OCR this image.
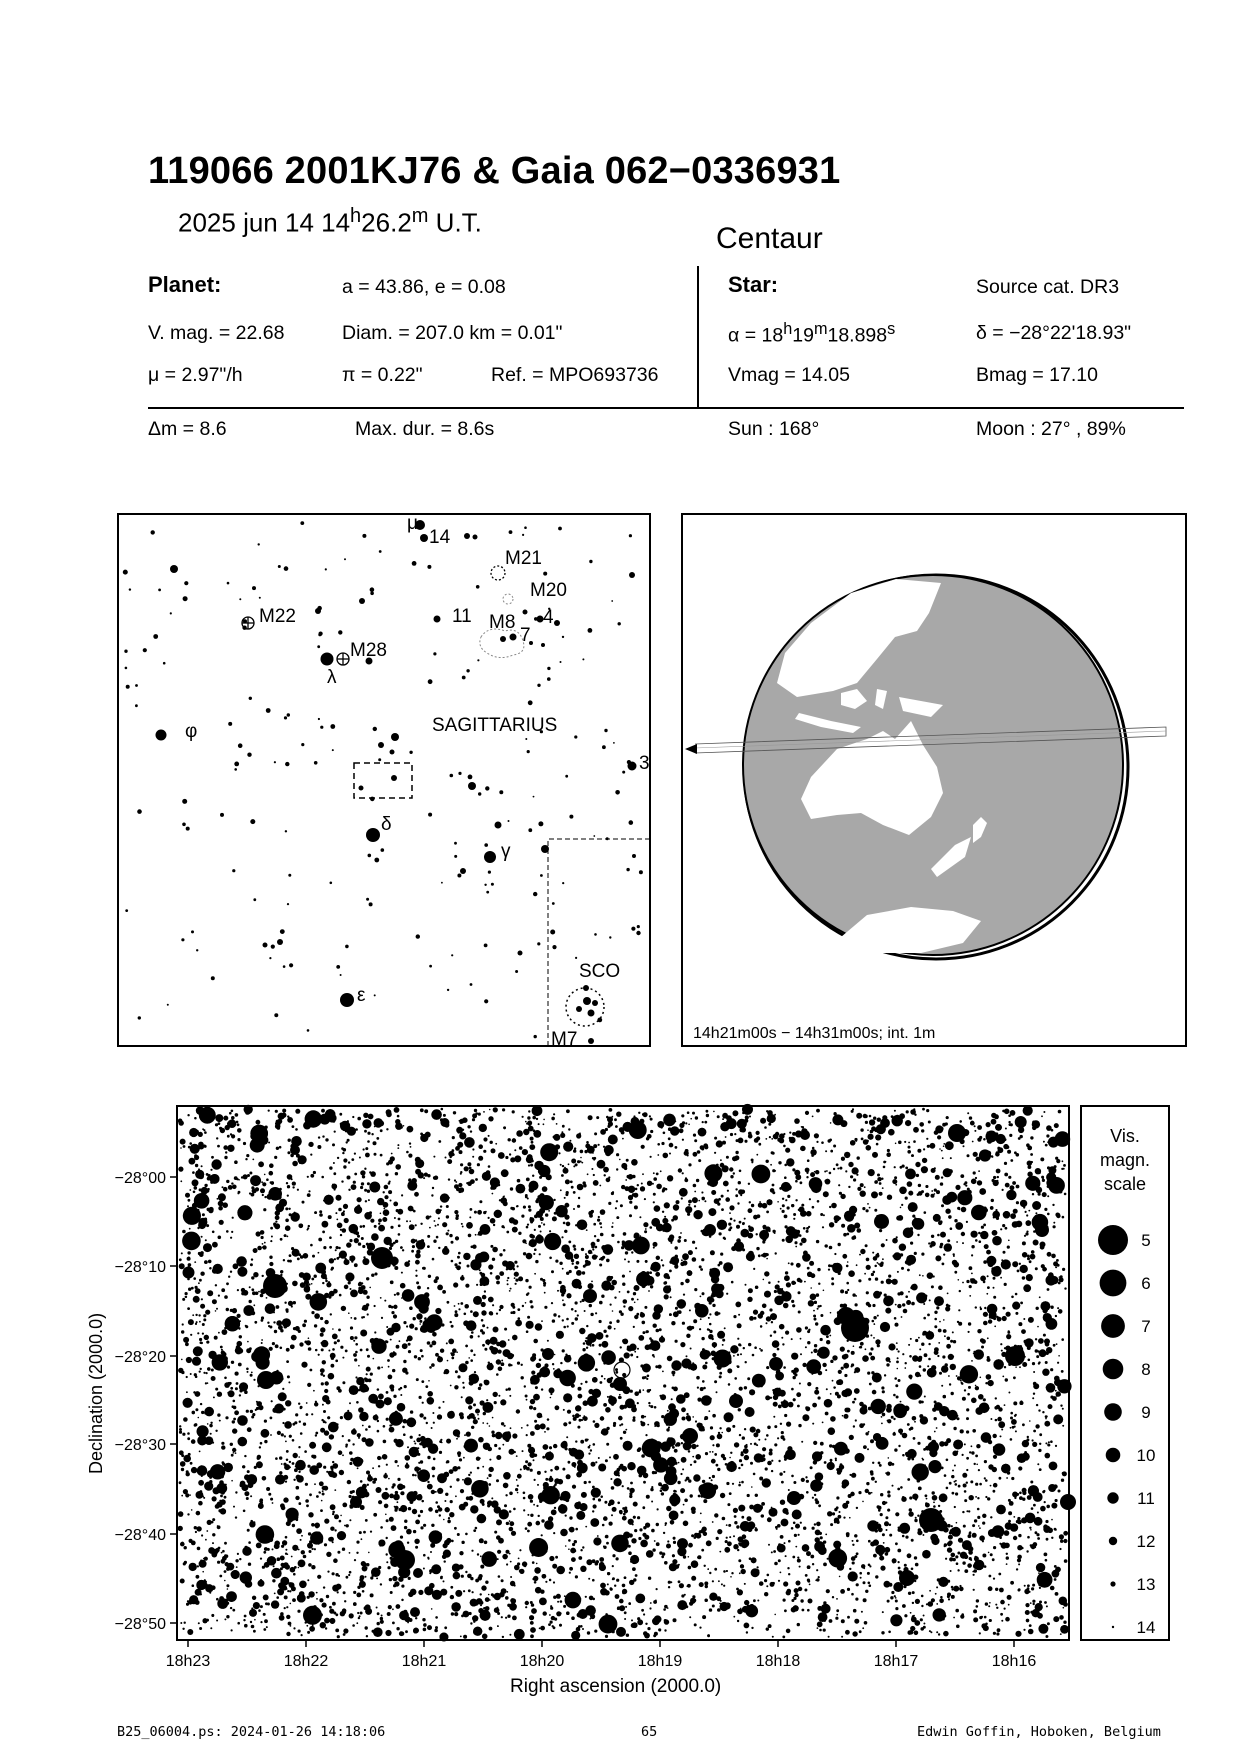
119066 2001KJ76 & Gaia 062−0336931
2025 jun 14 14$^h$26.2$^m$ U.T.	Centaur
Planet:	a = 43.86, e = 0.08	Star:	Source cat. DR3
V. mag. = 22.68	Diam. = 207.0 km = 0.01"	$\alpha = 18^h19^m18.898^s$	δ = −28°22'18.93"
μ = 2.97"/h	π = 0.22"	Ref. = MPO693736	Vmag = 14.05	Bmag = 17.10
Δm = 8.6	Max. dur. = 8.6s	Sun : 168°	Moon : 27° , 89%
μ
14
M21
M20
M22	11 M8 4
7
M28
λ
φ	SAGITTARIUS
3
δ
γ
SCO
ε
M7	14h21m00s − 14h31m00s; int. 1m
−28°00
−28°10
−28°20
−28°30
−28°40
−28°50
18h23	18h22	18h21	18h20	18h19	18h18	18h17	18h16
Right ascension (2000.0)
Declination (2000.0)
Vis.
magn.
scale
5
6
7
8
9
10
11
12
13
14
B25_06004.ps: 2024-01-26 14:18:06	65	Edwin Goffin, Hoboken, Belgium
